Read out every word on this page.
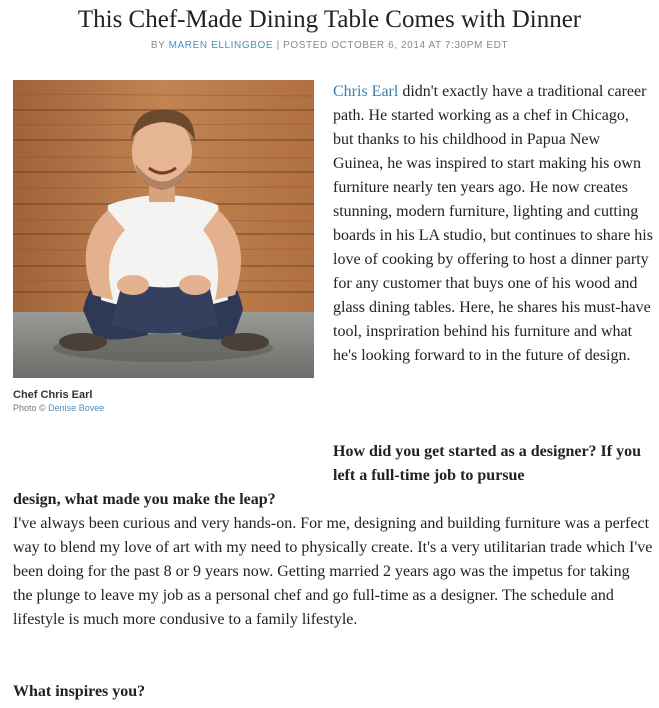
This Chef-Made Dining Table Comes with Dinner
BY MAREN ELLINGBOE | POSTED OCTOBER 6, 2014 AT 7:30PM EDT
Chef Chris Earl
Photo © Denise Bovee

Chris Earl didn't exactly have a traditional career path. He started working as a chef in Chicago, but thanks to his childhood in Papua New Guinea, he was inspired to start making his own furniture nearly ten years ago. He now creates stunning, modern furniture, lighting and cutting boards in his LA studio, but continues to share his love of cooking by offering to host a dinner party for any customer that buys one of his wood and glass dining tables. Here, he shares his must-have tool, inspriration behind his furniture and what he's looking forward to in the future of design.

How did you get started as a designer? If you left a full-time job to pursue

design, what made you make the leap?

I've always been curious and very hands-on. For me, designing and building furniture was a perfect way to blend my love of art with my need to physically create. It's a very utilitarian trade which I've been doing for the past 8 or 9 years now. Getting married 2 years ago was the impetus for taking the plunge to leave my job as a personal chef and go full-time as a designer. The schedule and lifestyle is much more condusive to a family lifestyle.

What inspires you?
